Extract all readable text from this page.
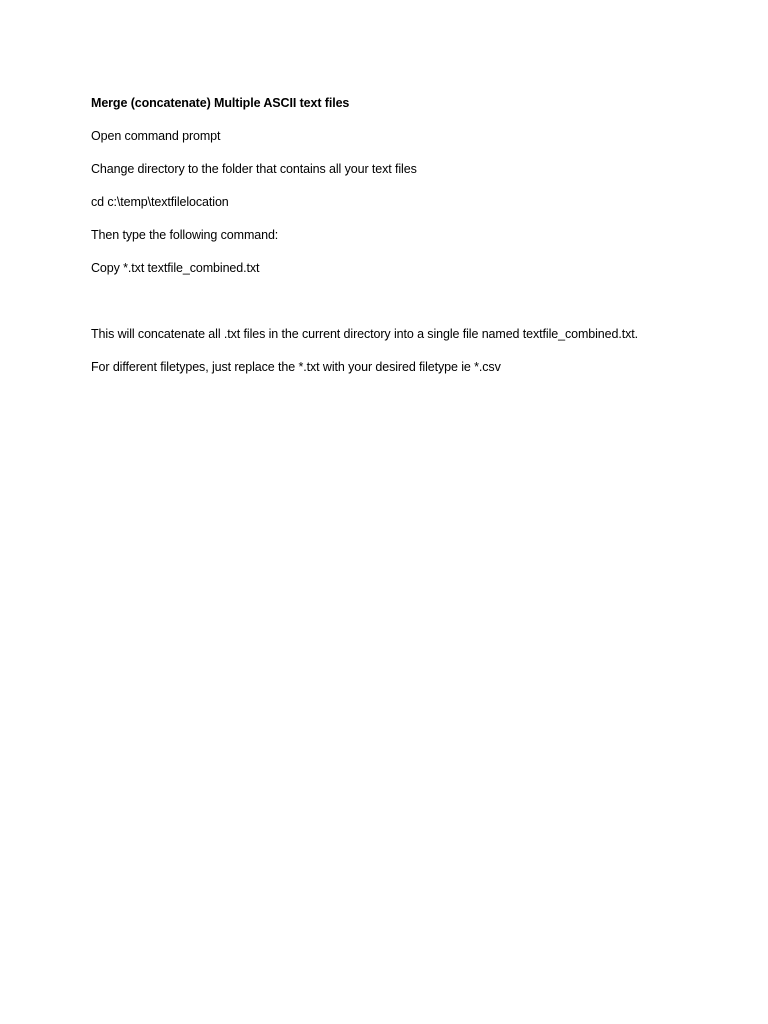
Merge (concatenate) Multiple ASCII text files
Open command prompt
Change directory to the folder that contains all your text files
cd c:\temp\textfilelocation
Then type the following command:
Copy *.txt textfile_combined.txt
This will concatenate all .txt files in the current directory into a single file named textfile_combined.txt.
For different filetypes, just replace the *.txt with your desired filetype ie *.csv
